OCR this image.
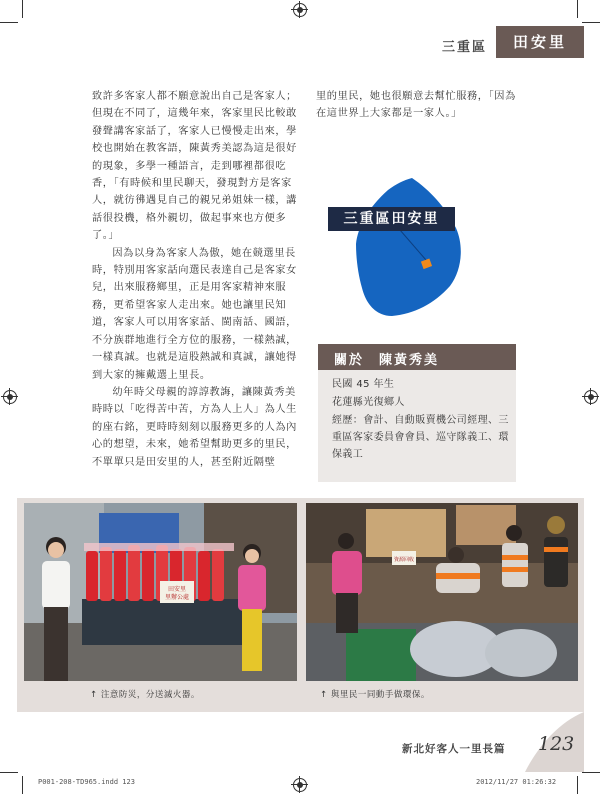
三重區	田安里

致許多客家人都不願意說出自己是客家人；但現在不同了，這幾年來，客家里民比較敢發聲講客家話了，客家人已慢慢走出來，學校也開始在教客語，陳黃秀美認為這是很好的現象，多學一種語言，走到哪裡都很吃香，「有時候和里民聊天，發現對方是客家人，就彷彿遇見自己的親兄弟姐妹一樣，講話很投機，格外親切，做起事來也方便多了。」

因為以身為客家人為傲，她在競選里長時，特別用客家話向選民表達自己是客家女兒，出來服務鄉里，正是用客家精神來服務，更希望客家人走出來。她也讓里民知道，客家人可以用客家話、閩南話、國語，不分族群地進行全方位的服務，一樣熱誠，一樣真誠。也就是這股熱誠和真誠，讓她得到大家的擁戴選上里長。

幼年時父母親的諄諄教誨，讓陳黃秀美時時以「吃得苦中苦，方為人上人」為人生的座右銘，更時時刻刻以服務更多的人為內心的想望，未來，她希望幫助更多的里民，不單單只是田安里的人，甚至附近隔壁

里的里民，她也很願意去幫忙服務，「因為在這世界上大家都是一家人。」

三重區田安里
關於　陳黃秀美

民國 45 年生

花蓮縣光復鄉人

經歷：會計、自動販賣機公司經理、三重區客家委員會會員、巡守隊義工、環保義工

田安里
里辦公處
資源回收
↑ 注意防災，分送滅火器。	↑ 與里民一同動手做環保。
新北好客人一里長篇 123
P001-208-TD965.indd 123	2012/11/27 01:26:32
